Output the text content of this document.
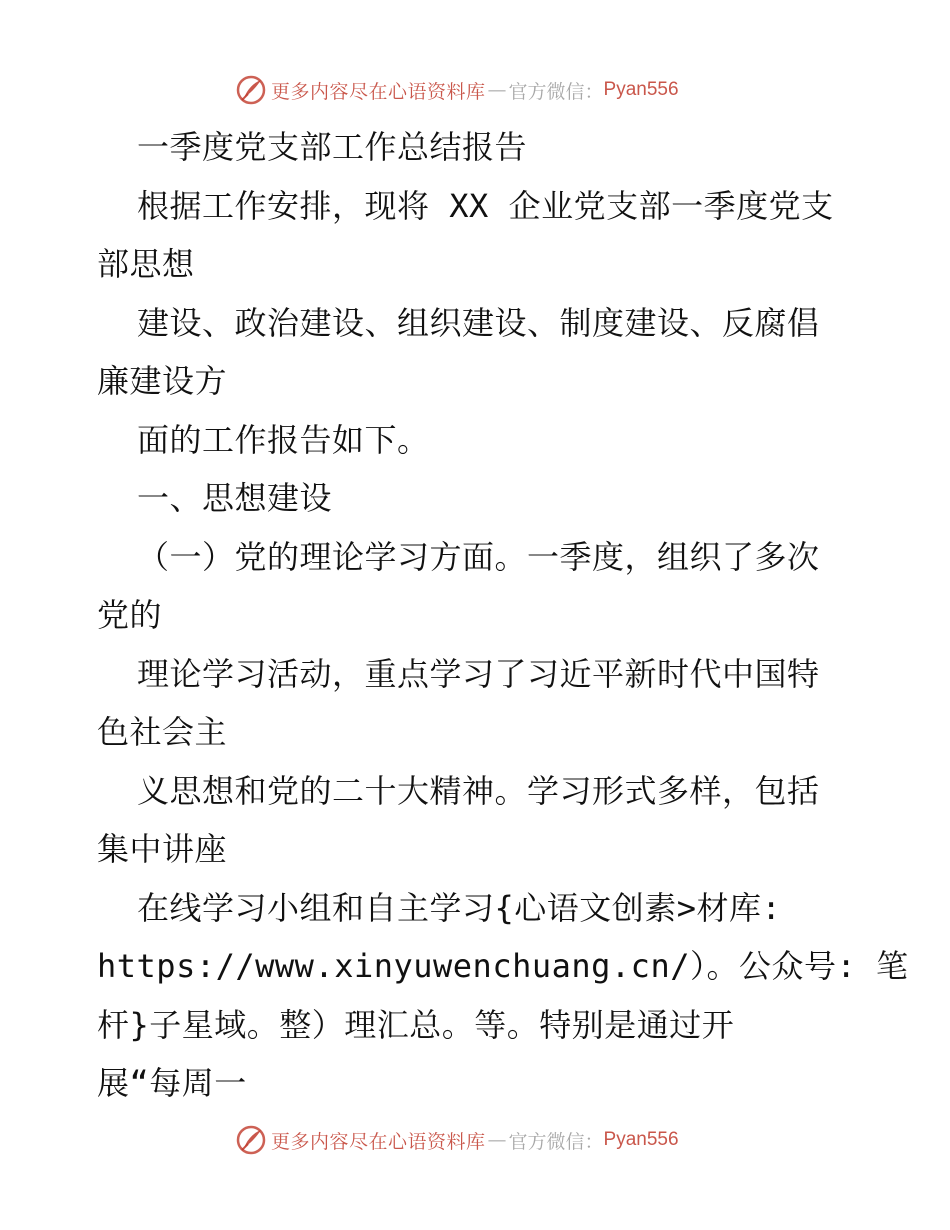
更多内容尽在心语资料库 — 官方微信： Pyan556
一季度党支部工作总结报告
根据工作安排，现将 XX 企业党支部一季度党支
部思想
建设、政治建设、组织建设、制度建设、反腐倡
廉建设方
面的工作报告如下。
一、思想建设
（一）党的理论学习方面。一季度，组织了多次
党的
理论学习活动，重点学习了习近平新时代中国特
色社会主
义思想和党的二十大精神。学习形式多样，包括
集中讲座
在线学习小组和自主学习{心语文创素>材库:
https://www.xinyuwenchuang.cn/）。公众号: 笔
杆}子星域。整）理汇总。等。特别是通过开
展“每周一
更多内容尽在心语资料库 — 官方微信： Pyan556
